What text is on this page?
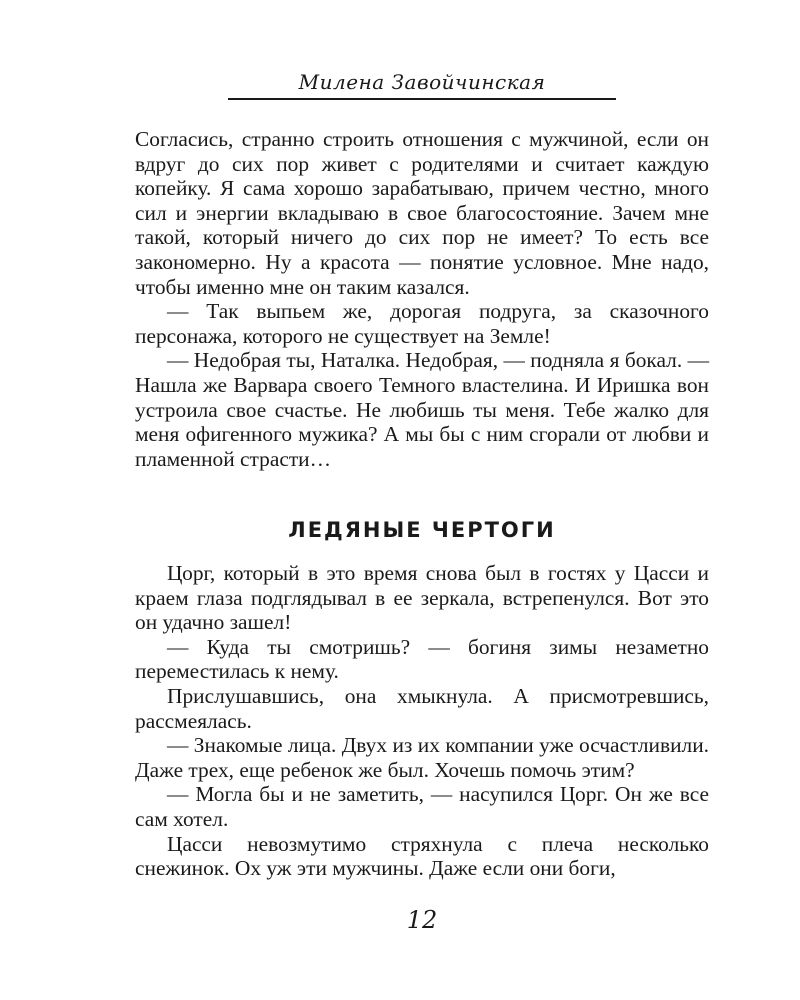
Милена Завойчинская

Согласись, странно строить отношения с мужчиной, если он вдруг до сих пор живет с родителями и считает каждую копейку. Я сама хорошо зарабатываю, причем честно, много сил и энергии вкладываю в свое благосостояние. Зачем мне такой, который ничего до сих пор не имеет? То есть все закономерно. Ну а красота — понятие условное. Мне надо, чтобы именно мне он таким казался.

— Так выпьем же, дорогая подруга, за сказочного персонажа, которого не существует на Земле!

— Недобрая ты, Наталка. Недобрая, — подняла я бокал. — Нашла же Варвара своего Темного властелина. И Иришка вон устроила свое счастье. Не любишь ты меня. Тебе жалко для меня офигенного мужика? А мы бы с ним сгорали от любви и пламенной страсти…

ЛЕДЯНЫЕ ЧЕРТОГИ

Цорг, который в это время снова был в гостях у Цасси и краем глаза подглядывал в ее зеркала, встрепенулся. Вот это он удачно зашел!

— Куда ты смотришь? — богиня зимы незаметно переместилась к нему.

Прислушавшись, она хмыкнула. А присмотревшись, рассмеялась.

— Знакомые лица. Двух из их компании уже осчастливили. Даже трех, еще ребенок же был. Хочешь помочь этим?

— Могла бы и не заметить, — насупился Цорг. Он же все сам хотел.

Цасси невозмутимо стряхнула с плеча несколько снежинок. Ох уж эти мужчины. Даже если они боги,

12
